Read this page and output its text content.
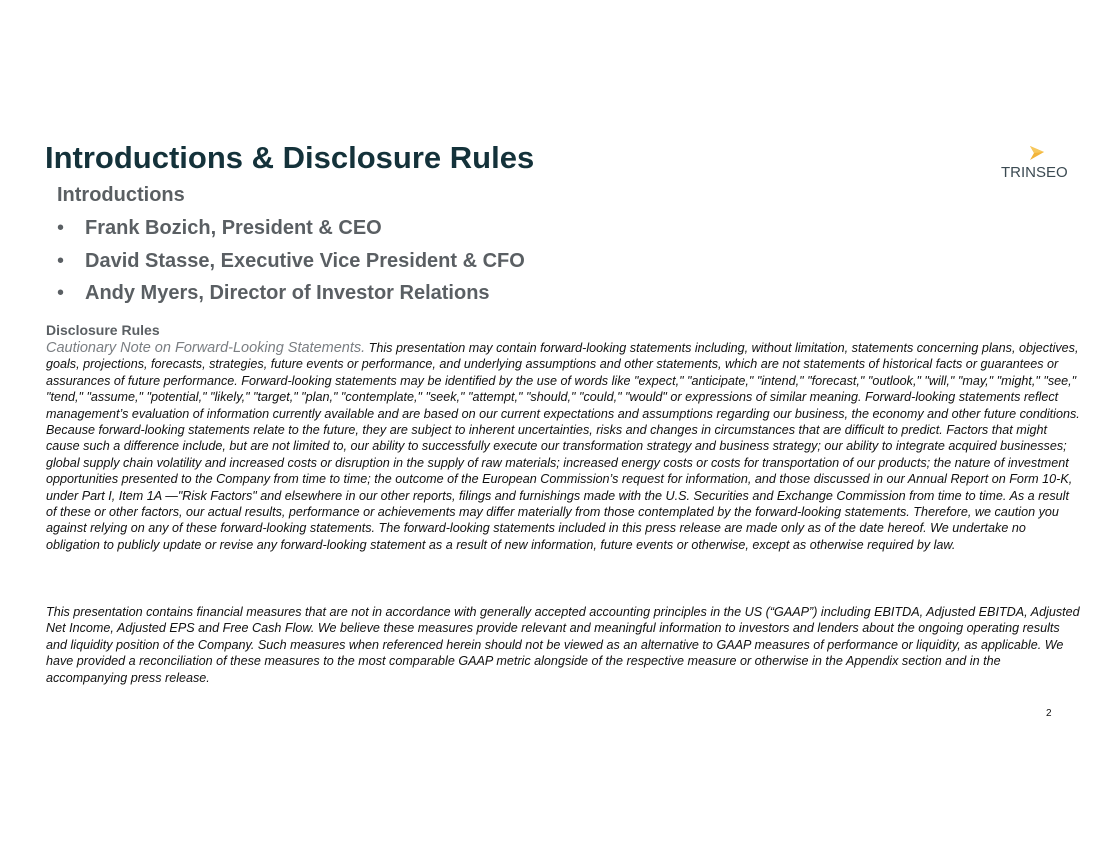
Introductions & Disclosure Rules	TRINSEO
Introductions
•	Frank Bozich, President & CEO
•	David Stasse, Executive Vice President & CFO
•	Andy Myers, Director of Investor Relations
Disclosure Rules

Cautionary Note on Forward-Looking Statements. This presentation may contain forward-looking statements including, without limitation, statements concerning plans, objectives, goals, projections, forecasts, strategies, future events or performance, and underlying assumptions and other statements, which are not statements of historical facts or guarantees or assurances of future performance. Forward-looking statements may be identified by the use of words like "expect," "anticipate," "intend," "forecast," "outlook," "will," "may," "might," "see," "tend," "assume," "potential," "likely," "target," "plan," "contemplate," "seek," "attempt," "should," "could," "would" or expressions of similar meaning. Forward-looking statements reflect management’s evaluation of information currently available and are based on our current expectations and assumptions regarding our business, the economy and other future conditions. Because forward-looking statements relate to the future, they are subject to inherent uncertainties, risks and changes in circumstances that are difficult to predict. Factors that might cause such a difference include, but are not limited to, our ability to successfully execute our transformation strategy and business strategy; our ability to integrate acquired businesses; global supply chain volatility and increased costs or disruption in the supply of raw materials; increased energy costs or costs for transportation of our products; the nature of investment opportunities presented to the Company from time to time; the outcome of the European Commission’s request for information, and those discussed in our Annual Report on Form 10-K, under Part I, Item 1A —"Risk Factors" and elsewhere in our other reports, filings and furnishings made with the U.S. Securities and Exchange Commission from time to time. As a result of these or other factors, our actual results, performance or achievements may differ materially from those contemplated by the forward-looking statements. Therefore, we caution you against relying on any of these forward-looking statements. The forward-looking statements included in this press release are made only as of the date hereof. We undertake no obligation to publicly update or revise any forward-looking statement as a result of new information, future events or otherwise, except as otherwise required by law.

This presentation contains financial measures that are not in accordance with generally accepted accounting principles in the US (“GAAP”) including EBITDA, Adjusted EBITDA, Adjusted Net Income, Adjusted EPS and Free Cash Flow. We believe these measures provide relevant and meaningful information to investors and lenders about the ongoing operating results and liquidity position of the Company. Such measures when referenced herein should not be viewed as an alternative to GAAP measures of performance or liquidity, as applicable. We have provided a reconciliation of these measures to the most comparable GAAP metric alongside of the respective measure or otherwise in the Appendix section and in the accompanying press release.

2
